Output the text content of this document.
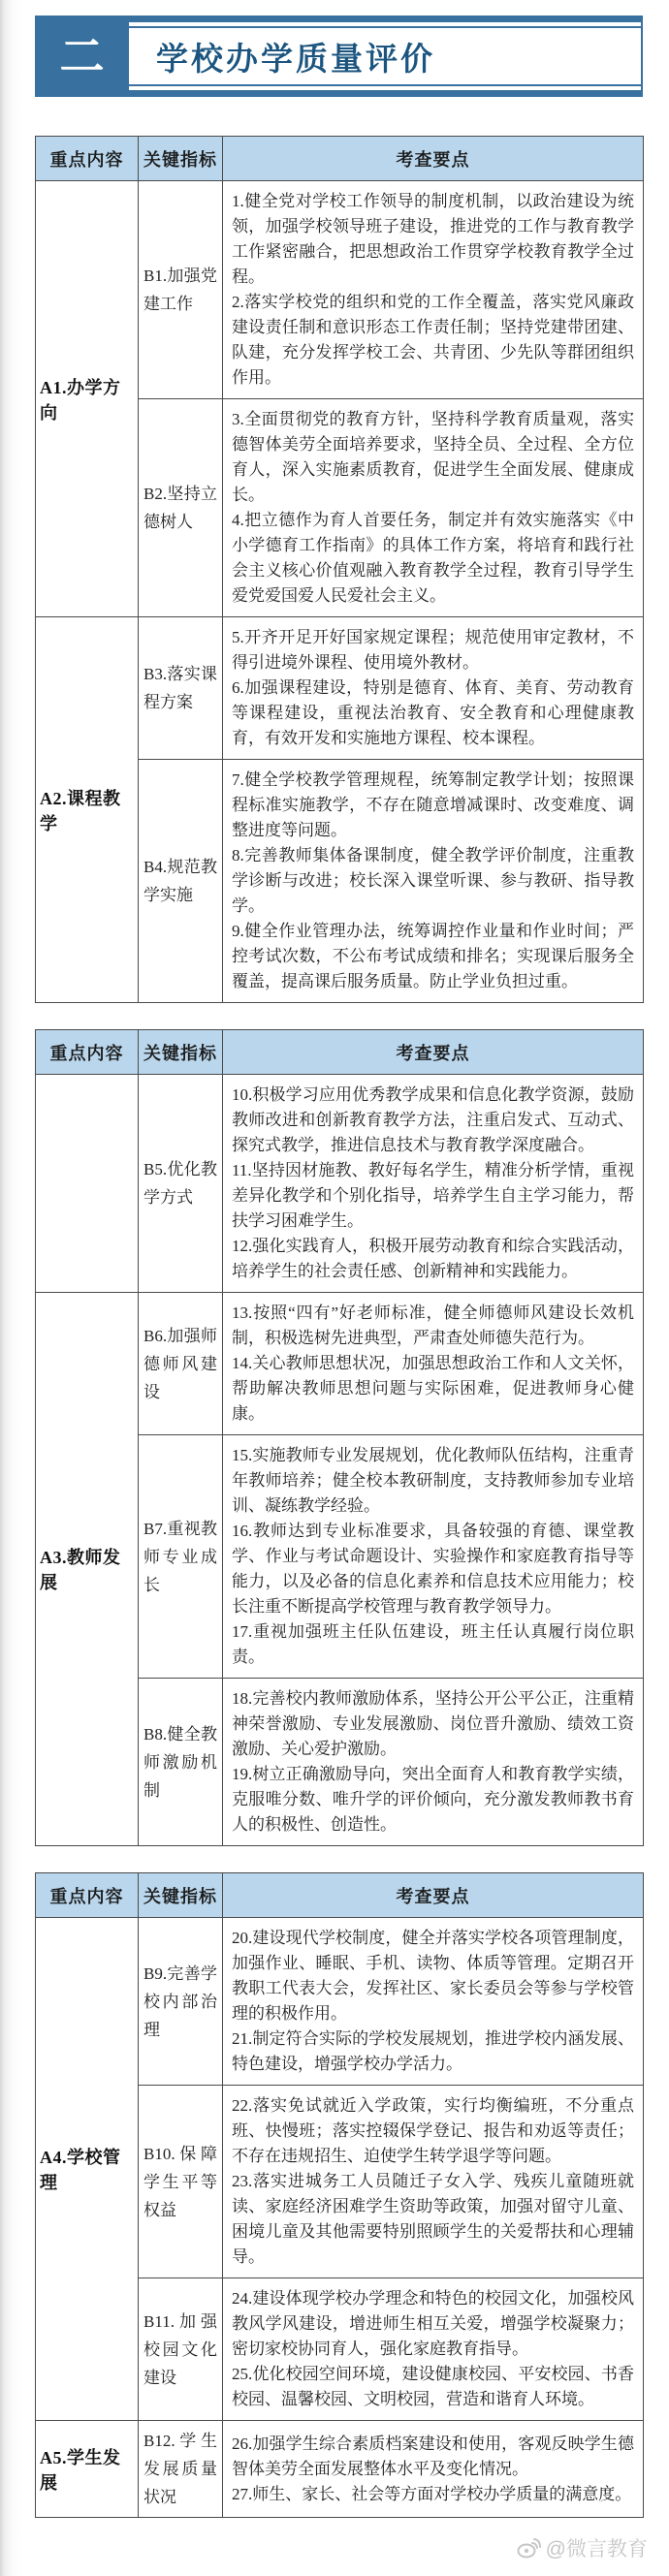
二	学校办学质量评价
重点内容	关键指标	考查要点
A1.办学方向	B1.加强党建工作	1.健全党对学校工作领导的制度机制，以政治建设为统领，加强学校领导班子建设，推进党的工作与教育教学工作紧密融合，把思想政治工作贯穿学校教育教学全过程。

2.落实学校党的组织和党的工作全覆盖，落实党风廉政建设责任制和意识形态工作责任制；坚持党建带团建、队建，充分发挥学校工会、共青团、少先队等群团组织作用。

	B2.坚持立德树人	3.全面贯彻党的教育方针，坚持科学教育质量观，落实德智体美劳全面培养要求，坚持全员、全过程、全方位育人，深入实施素质教育，促进学生全面发展、健康成长。

4.把立德作为育人首要任务，制定并有效实施落实《中小学德育工作指南》的具体工作方案，将培育和践行社会主义核心价值观融入教育教学全过程，教育引导学生爱党爱国爱人民爱社会主义。

A2.课程教学	B3.落实课程方案	5.开齐开足开好国家规定课程；规范使用审定教材，不得引进境外课程、使用境外教材。

6.加强课程建设，特别是德育、体育、美育、劳动教育等课程建设，重视法治教育、安全教育和心理健康教育，有效开发和实施地方课程、校本课程。

	B4.规范教学实施	7.健全学校教学管理规程，统筹制定教学计划；按照课程标准实施教学，不存在随意增减课时、改变难度、调整进度等问题。

8.完善教师集体备课制度，健全教学评价制度，注重教学诊断与改进；校长深入课堂听课、参与教研、指导教学。

9.健全作业管理办法，统筹调控作业量和作业时间；严控考试次数，不公布考试成绩和排名；实现课后服务全覆盖，提高课后服务质量。防止学业负担过重。

重点内容	关键指标	考查要点
	B5.优化教学方式	10.积极学习应用优秀教学成果和信息化教学资源，鼓励教师改进和创新教育教学方法，注重启发式、互动式、探究式教学，推进信息技术与教育教学深度融合。

11.坚持因材施教、教好每名学生，精准分析学情，重视差异化教学和个别化指导，培养学生自主学习能力，帮扶学习困难学生。

12.强化实践育人，积极开展劳动教育和综合实践活动，培养学生的社会责任感、创新精神和实践能力。

A3.教师发展	B6.加强师德师风建设	13.按照“四有”好老师标准，健全师德师风建设长效机制，积极选树先进典型，严肃查处师德失范行为。

14.关心教师思想状况，加强思想政治工作和人文关怀，帮助解决教师思想问题与实际困难，促进教师身心健康。

	B7.重视教师专业成长	15.实施教师专业发展规划，优化教师队伍结构，注重青年教师培养；健全校本教研制度，支持教师参加专业培训、凝练教学经验。

16.教师达到专业标准要求，具备较强的育德、课堂教学、作业与考试命题设计、实验操作和家庭教育指导等能力，以及必备的信息化素养和信息技术应用能力；校长注重不断提高学校管理与教育教学领导力。

17.重视加强班主任队伍建设，班主任认真履行岗位职责。

	B8.健全教师激励机制	18.完善校内教师激励体系，坚持公开公平公正，注重精神荣誉激励、专业发展激励、岗位晋升激励、绩效工资激励、关心爱护激励。

19.树立正确激励导向，突出全面育人和教育教学实绩，克服唯分数、唯升学的评价倾向，充分激发教师教书育人的积极性、创造性。

重点内容	关键指标	考查要点
A4.学校管理	B9.完善学校内部治理	20.建设现代学校制度，健全并落实学校各项管理制度，加强作业、睡眠、手机、读物、体质等管理。定期召开教职工代表大会，发挥社区、家长委员会等参与学校管理的积极作用。

21.制定符合实际的学校发展规划，推进学校内涵发展、特色建设，增强学校办学活力。

	B10.保障学生平等权益	22.落实免试就近入学政策，实行均衡编班，不分重点班、快慢班；落实控辍保学登记、报告和劝返等责任；不存在违规招生、迫使学生转学退学等问题。

23.落实进城务工人员随迁子女入学、残疾儿童随班就读、家庭经济困难学生资助等政策，加强对留守儿童、困境儿童及其他需要特别照顾学生的关爱帮扶和心理辅导。

	B11.加强校园文化建设	24.建设体现学校办学理念和特色的校园文化，加强校风教风学风建设，增进师生相互关爱，增强学校凝聚力；密切家校协同育人，强化家庭教育指导。

25.优化校园空间环境，建设健康校园、平安校园、书香校园、温馨校园、文明校园，营造和谐育人环境。

A5.学生发展	B12.学生发展质量状况	26.加强学生综合素质档案建设和使用，客观反映学生德智体美劳全面发展整体水平及变化情况。

27.师生、家长、社会等方面对学校办学质量的满意度。

@微言教育
